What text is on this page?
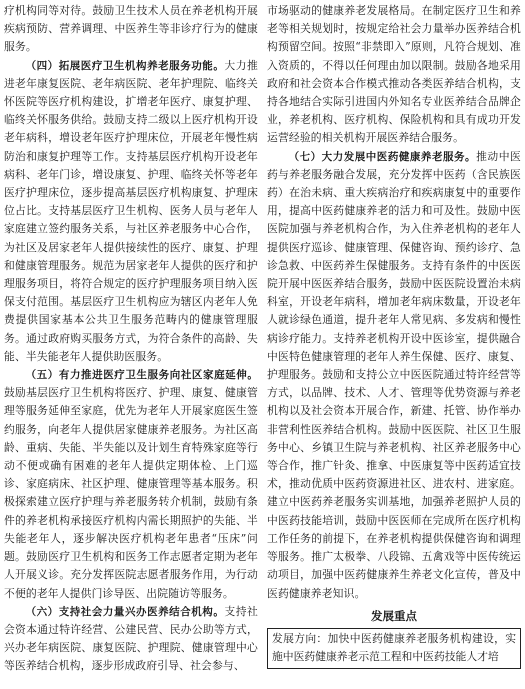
疗机构同等对待。鼓励卫生技术人员在养老机构开展疾病预防、营养调理、中医养生等非诊疗行为的健康服务。

（四）拓展医疗卫生机构养老服务功能。大力推进老年康复医院、老年病医院、老年护理院、临终关怀医院等医疗机构建设，扩增老年医疗、康复护理、临终关怀服务供给。鼓励支持二级以上医疗机构开设老年病科，增设老年医疗护理床位，开展老年慢性病防治和康复护理等工作。支持基层医疗机构开设老年病科、老年门诊，增设康复、护理、临终关怀等老年医疗护理床位，逐步提高基层医疗机构康复、护理床位占比。支持基层医疗卫生机构、医务人员与老年人家庭建立签约服务关系，与社区养老服务中心合作，为社区及居家老年人提供接续性的医疗、康复、护理和健康管理服务。规范为居家老年人提供的医疗和护理服务项目，将符合规定的医疗护理服务项目纳入医保支付范围。基层医疗卫生机构应为辖区内老年人免费提供国家基本公共卫生服务范畴内的健康管理服务。通过政府购买服务方式，为符合条件的高龄、失能、半失能老年人提供助医服务。

（五）有力推进医疗卫生服务向社区家庭延伸。鼓励基层医疗卫生机构将医疗、护理、康复、健康管理等服务延伸至家庭，优先为老年人开展家庭医生签约服务，向老年人提供居家健康养老服务。为社区高龄、重病、失能、半失能以及计划生育特殊家庭等行动不便或确有困难的老年人提供定期体检、上门巡诊、家庭病床、社区护理、健康管理等基本服务。积极探索建立医疗护理与养老服务转介机制，鼓励有条件的养老机构承接医疗机构内需长期照护的失能、半失能老年人，逐步解决医疗机构老年患者“压床”问题。鼓励医疗卫生机构和医务工作志愿者定期为老年人开展义诊。充分发挥医院志愿者服务作用，为行动不便的老年人提供门诊导医、出院随访等服务。

（六）支持社会力量兴办医养结合机构。支持社会资本通过特许经营、公建民营、民办公助等方式，兴办老年病医院、康复医院、护理院、健康管理中心等医养结合机构，逐步形成政府引导、社会参与、

市场驱动的健康养老发展格局。在制定医疗卫生和养老等相关规划时，按规定给社会力量举办医养结合机构预留空间。按照“非禁即入”原则，凡符合规划、准入资质的，不得以任何理由加以限制。鼓励各地采用政府和社会资本合作模式推动各类医养结合机构，支持各地结合实际引进国内外知名专业医养结合品牌企业，养老机构、医疗机构、保险机构和具有成功开发运营经验的相关机构开展医养结合服务。

（七）大力发展中医药健康养老服务。推动中医药与养老服务融合发展，充分发挥中医药（含民族医药）在治未病、重大疾病治疗和疾病康复中的重要作用，提高中医药健康养老的活力和可及性。鼓励中医医院加强与养老机构合作，为入住养老机构的老年人提供医疗巡诊、健康管理、保健咨询、预约诊疗、急诊急救、中医药养生保健服务。支持有条件的中医医院开展中医医养结合服务，鼓励中医医院设置治未病科室，开设老年病科，增加老年病床数量，开设老年人就诊绿色通道，提升老年人常见病、多发病和慢性病诊疗能力。支持养老机构开设中医诊室，提供融合中医特色健康管理的老年人养生保健、医疗、康复、护理服务。鼓励和支持公立中医医院通过特许经营等方式，以品牌、技术、人才、管理等优势资源与养老机构以及社会资本开展合作，新建、托管、协作举办非营利性医养结合机构。鼓励中医医院、社区卫生服务中心、乡镇卫生院与养老机构、社区养老服务中心等合作，推广针灸、推拿、中医康复等中医药适宜技术，推动优质中医药资源进社区、进农村、进家庭。建立中医药养老服务实训基地，加强养老照护人员的中医药技能培训，鼓励中医医师在完成所在医疗机构工作任务的前提下，在养老机构提供保健咨询和调理等服务。推广太极拳、八段锦、五禽戏等中医传统运动项目，加强中医药健康养生养老文化宣传，普及中医药健康养老知识。

发展重点
发展方向：加快中医药健康养老服务机构建设，实施中医药健康养老示范工程和中医药技能人才培
